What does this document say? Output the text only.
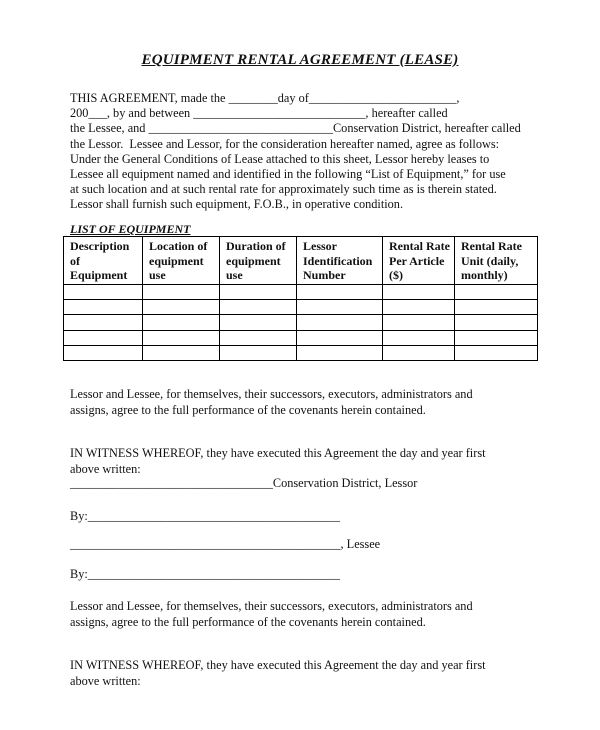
EQUIPMENT RENTAL AGREEMENT (LEASE)
THIS AGREEMENT, made the ________day of________________________,
200___, by and between ____________________________, hereafter called
the Lessee, and ______________________________Conservation District, hereafter called
the Lessor.  Lessee and Lessor, for the consideration hereafter named, agree as follows:
Under the General Conditions of Lease attached to this sheet, Lessor hereby leases to
Lessee all equipment named and identified in the following “List of Equipment,” for use
at such location and at such rental rate for approximately such time as is therein stated.
Lessor shall furnish such equipment, F.O.B., in operative condition.
LIST OF EQUIPMENT
Description of Equipment	Location of equipment use	Duration of equipment use	Lessor Identification Number	Rental Rate Per Article ($)	Rental Rate Unit (daily, monthly)

Lessor and Lessee, for themselves, their successors, executors, administrators and
assigns, agree to the full performance of the covenants herein contained.
IN WITNESS WHEREOF, they have executed this Agreement the day and year first
above written:
_________________________________Conservation District, Lessor
By:_________________________________________
____________________________________________, Lessee
By:_________________________________________
Lessor and Lessee, for themselves, their successors, executors, administrators and
assigns, agree to the full performance of the covenants herein contained.
IN WITNESS WHEREOF, they have executed this Agreement the day and year first
above written:
